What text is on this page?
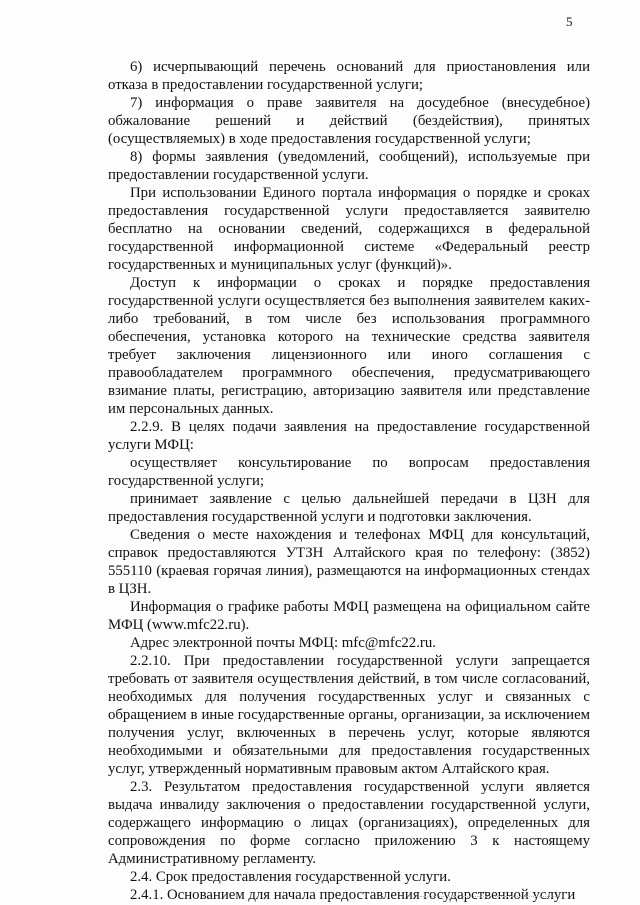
5

6) исчерпывающий перечень оснований для приостановления или отказа в предоставлении государственной услуги;

7) информация о праве заявителя на досудебное (внесудебное) обжалование решений и действий (бездействия), принятых (осуществляемых) в ходе предоставления государственной услуги;

8) формы заявления (уведомлений, сообщений), используемые при предоставлении государственной услуги.

При использовании Единого портала информация о порядке и сроках предоставления государственной услуги предоставляется заявителю бесплатно на основании сведений, содержащихся в федеральной государственной информационной системе «Федеральный реестр государственных и муниципальных услуг (функций)».

Доступ к информации о сроках и порядке предоставления государственной услуги осуществляется без выполнения заявителем каких-либо требований, в том числе без использования программного обеспечения, установка которого на технические средства заявителя требует заключения лицензионного или иного соглашения с правообладателем программного обеспечения, предусматривающего взимание платы, регистрацию, авторизацию заявителя или представление им персональных данных.

2.2.9. В целях подачи заявления на предоставление государственной услуги МФЦ:

осуществляет консультирование по вопросам предоставления государственной услуги;

принимает заявление с целью дальнейшей передачи в ЦЗН для предоставления государственной услуги и подготовки заключения.

Сведения о месте нахождения и телефонах МФЦ для консультаций, справок предоставляются УТЗН Алтайского края по телефону: (3852) 555110 (краевая горячая линия), размещаются на информационных стендах в ЦЗН.

Информация о графике работы МФЦ размещена на официальном сайте МФЦ (www.mfc22.ru).

Адрес электронной почты МФЦ: mfc@mfc22.ru.

2.2.10. При предоставлении государственной услуги запрещается требовать от заявителя осуществления действий, в том числе согласований, необходимых для получения государственных услуг и связанных с обращением в иные государственные органы, организации, за исключением получения услуг, включенных в перечень услуг, которые являются необходимыми и обязательными для предоставления государственных услуг, утвержденный нормативным правовым актом Алтайского края.

2.3. Результатом предоставления государственной услуги является выдача инвалиду заключения о предоставлении государственной услуги, содержащего информацию о лицах (организациях), определенных для сопровождения по форме согласно приложению 3 к настоящему Административному регламенту.

2.4. Срок предоставления государственной услуги.

2.4.1. Основанием для начала предоставления государственной услуги
